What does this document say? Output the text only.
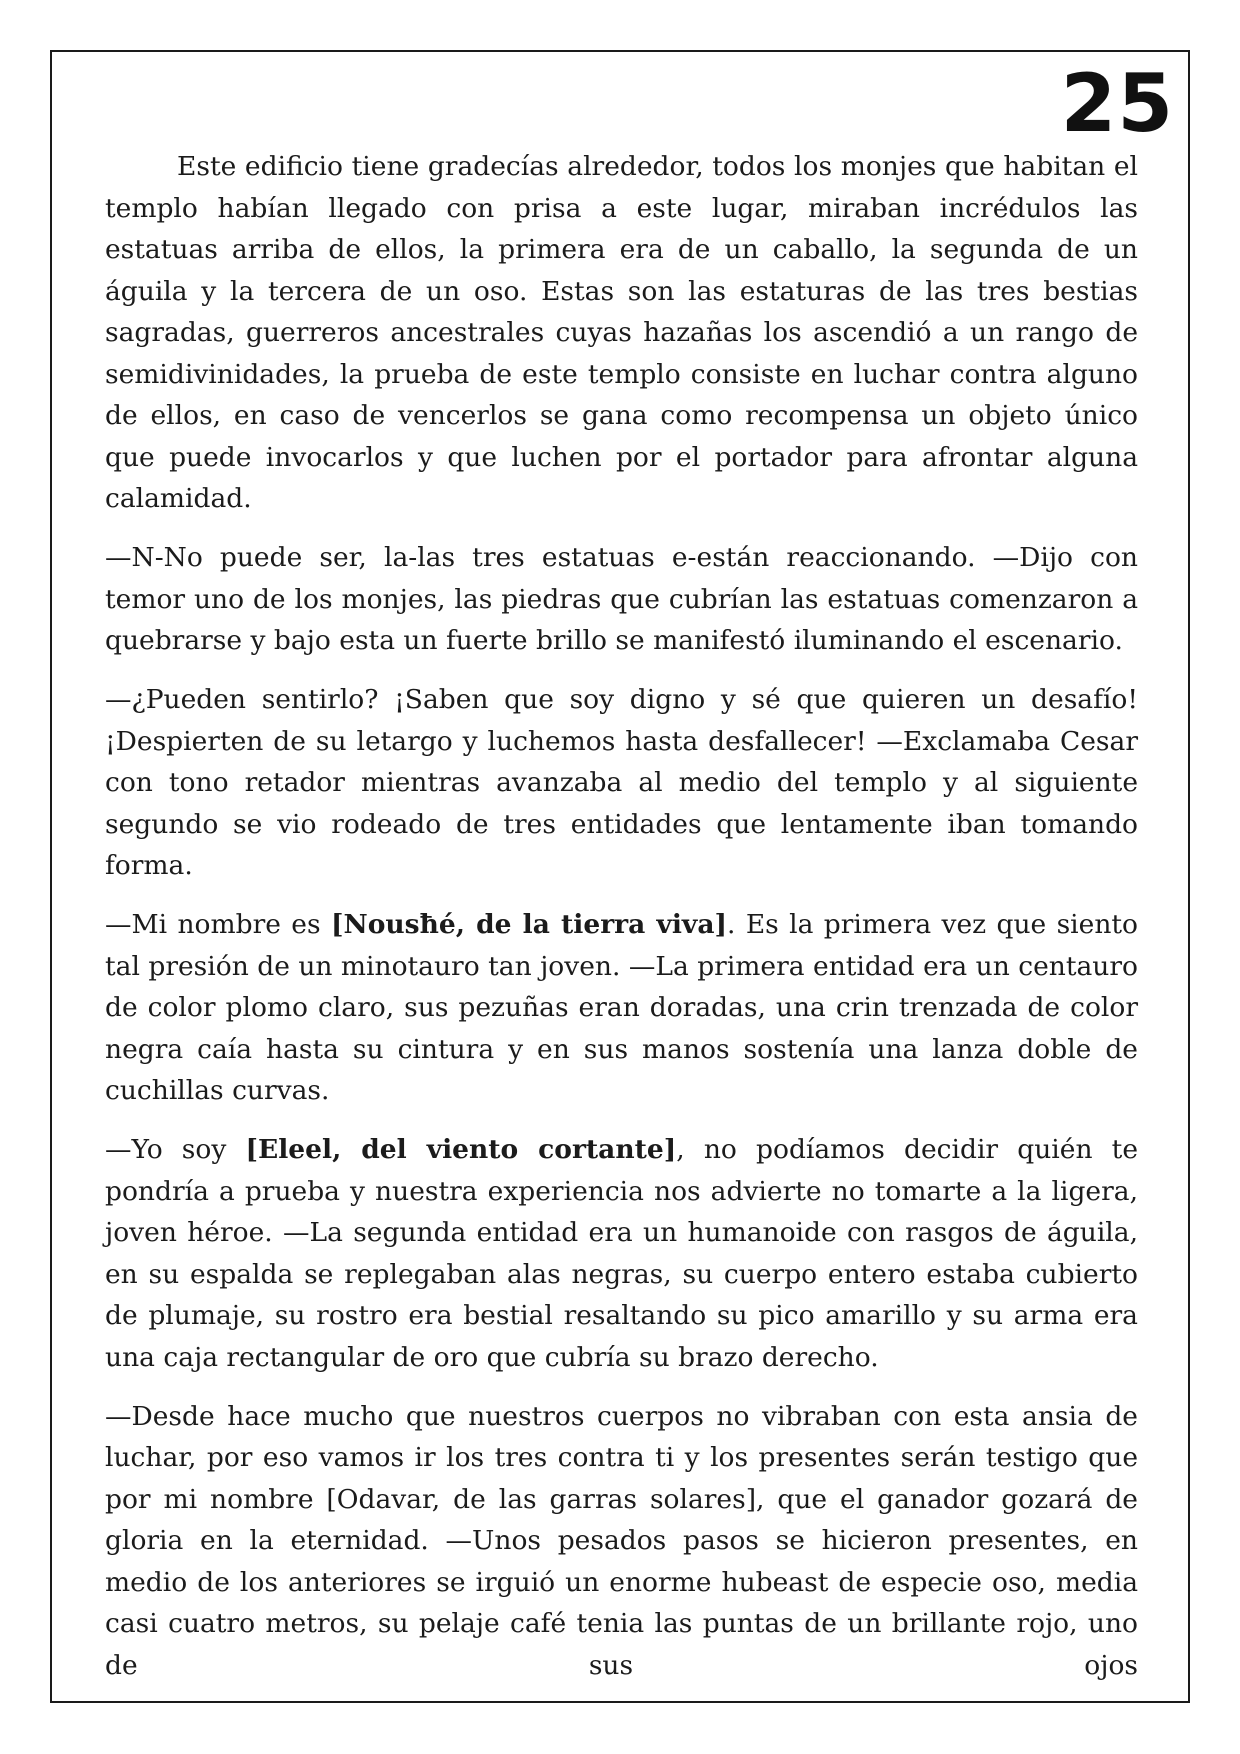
25

Este edificio tiene gradecías alrededor, todos los monjes que habitan el templo habían llegado con prisa a este lugar, miraban incrédulos las estatuas arriba de ellos, la primera era de un caballo, la segunda de un águila y la tercera de un oso. Estas son las estaturas de las tres bestias sagradas, guerreros ancestrales cuyas hazañas los ascendió a un rango de semidivinidades, la prueba de este templo consiste en luchar contra alguno de ellos, en caso de vencerlos se gana como recompensa un objeto único que puede invocarlos y que luchen por el portador para afrontar alguna calamidad.

—N-No puede ser, la-las tres estatuas e-están reaccionando. —Dijo con temor uno de los monjes, las piedras que cubrían las estatuas comenzaron a quebrarse y bajo esta un fuerte brillo se manifestó iluminando el escenario.

—¿Pueden sentirlo? ¡Saben que soy digno y sé que quieren un desafío! ¡Despierten de su letargo y luchemos hasta desfallecer! —Exclamaba Cesar con tono retador mientras avanzaba al medio del templo y al siguiente segundo se vio rodeado de tres entidades que lentamente iban tomando forma.

—Mi nombre es [Nousħé, de la tierra viva]. Es la primera vez que siento tal presión de un minotauro tan joven. —La primera entidad era un centauro de color plomo claro, sus pezuñas eran doradas, una crin trenzada de color negra caía hasta su cintura y en sus manos sostenía una lanza doble de cuchillas curvas.

—Yo soy [Eleel, del viento cortante], no podíamos decidir quién te pondría a prueba y nuestra experiencia nos advierte no tomarte a la ligera, joven héroe. —La segunda entidad era un humanoide con rasgos de águila, en su espalda se replegaban alas negras, su cuerpo entero estaba cubierto de plumaje, su rostro era bestial resaltando su pico amarillo y su arma era una caja rectangular de oro que cubría su brazo derecho.

—Desde hace mucho que nuestros cuerpos no vibraban con esta ansia de luchar, por eso vamos ir los tres contra ti y los presentes serán testigo que por mi nombre [Odavar, de las garras solares], que el ganador gozará de gloria en la eternidad. —Unos pesados pasos se hicieron presentes, en medio de los anteriores se irguió un enorme hubeast de especie oso, media casi cuatro metros, su pelaje café tenia las puntas de un brillante rojo, uno de sus ojos
